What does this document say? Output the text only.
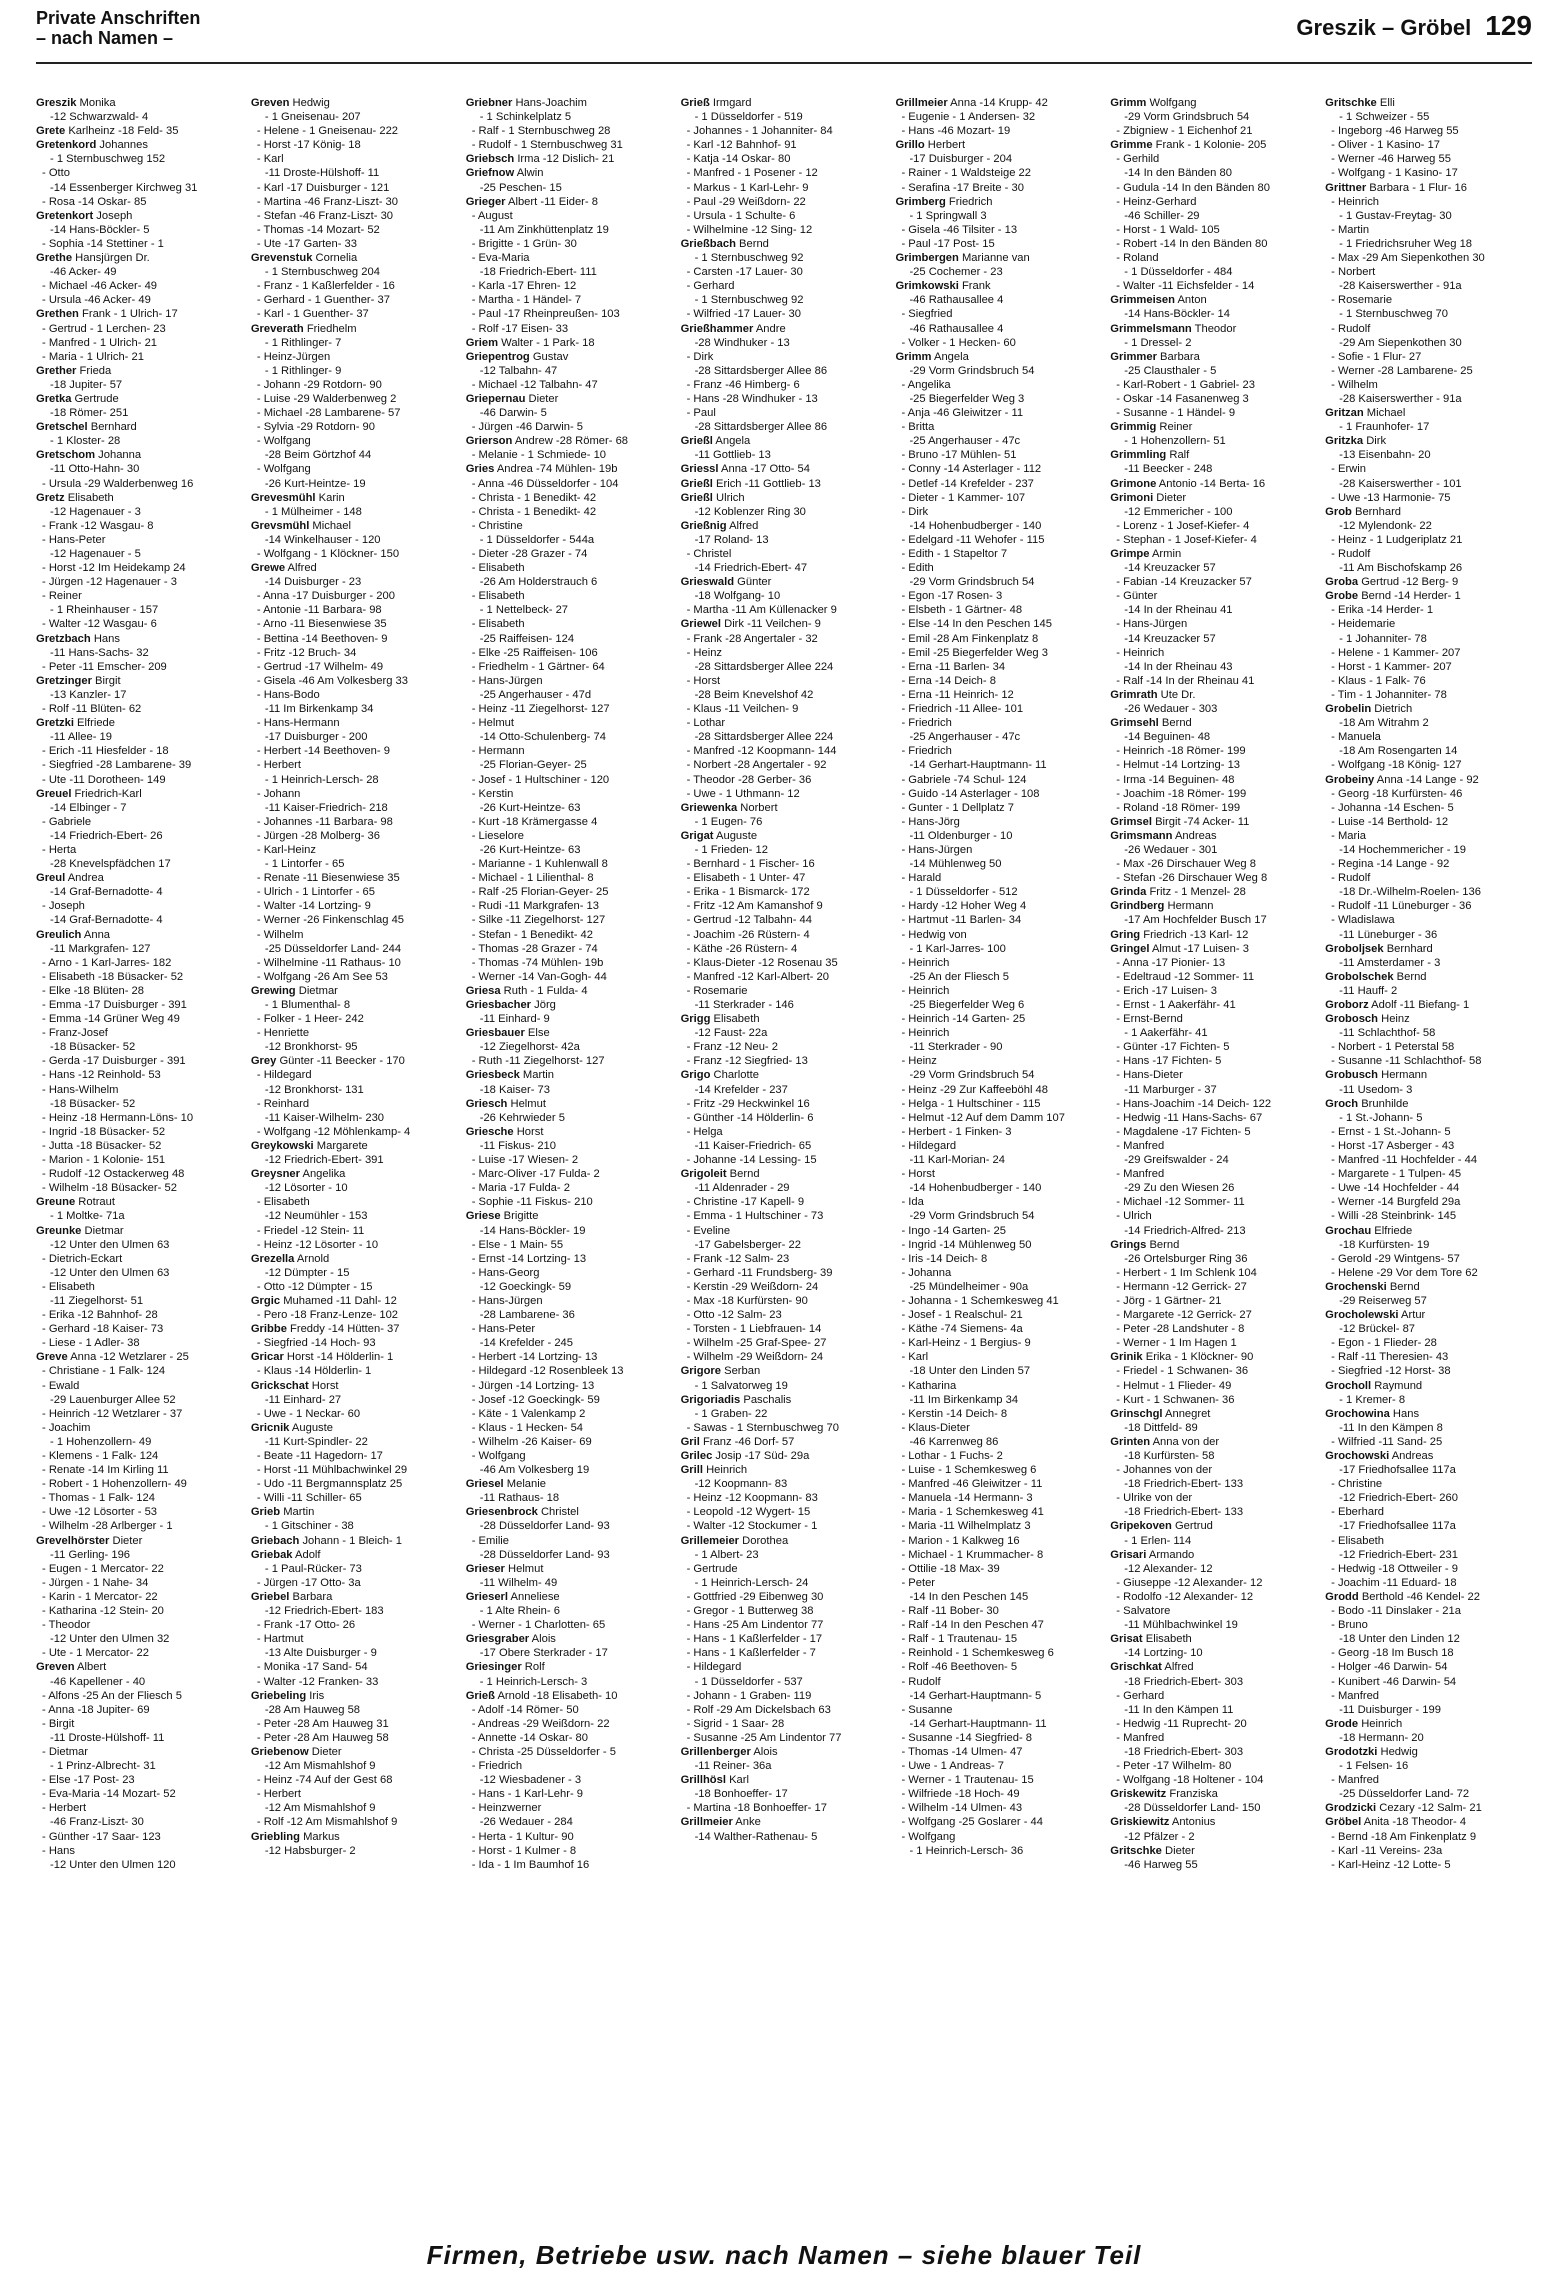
Private Anschriften
– nach Namen –	Greszik – Gröbel 129
Greszik Monika
-12 Schwarzwald- 4
Grete Karlheinz -18 Feld- 35
Gretenkord Johannes
- 1 Sternbuschweg 152
- Otto
-14 Essenberger Kirchweg 31
- Rosa -14 Oskar- 85
Gretenkort Joseph
-14 Hans-Böckler- 5
- Sophia -14 Stettiner - 1
Grethe Hansjürgen Dr.
-46 Acker- 49
- Michael -46 Acker- 49
- Ursula -46 Acker- 49
Grethen Frank - 1 Ulrich- 17
- Gertrud - 1 Lerchen- 23
- Manfred - 1 Ulrich- 21
- Maria - 1 Ulrich- 21
Grether Frieda
-18 Jupiter- 57
Gretka Gertrude
-18 Römer- 251
Gretschel Bernhard
- 1 Kloster- 28
Gretschom Johanna
-11 Otto-Hahn- 30
- Ursula -29 Walderbenweg 16
Gretz Elisabeth
-12 Hagenauer - 3
- Frank -12 Wasgau- 8
- Hans-Peter
-12 Hagenauer - 5
- Horst -12 Im Heidekamp 24
- Jürgen -12 Hagenauer - 3
- Reiner
- 1 Rheinhauser - 157
- Walter -12 Wasgau- 6
Gretzbach Hans
-11 Hans-Sachs- 32
- Peter -11 Emscher- 209
Gretzinger Birgit
-13 Kanzler- 17
- Rolf -11 Blüten- 62
Gretzki Elfriede
-11 Allee- 19
- Erich -11 Hiesfelder - 18
- Siegfried -28 Lambarene- 39
- Ute -11 Dorotheen- 149
Greuel Friedrich-Karl
-14 Elbinger - 7
- Gabriele
-14 Friedrich-Ebert- 26
- Herta
-28 Knevelspfädchen 17
Greul Andrea
-14 Graf-Bernadotte- 4
- Joseph
-14 Graf-Bernadotte- 4
Greulich Anna
-11 Markgrafen- 127
- Arno - 1 Karl-Jarres- 182
- Elisabeth -18 Büsacker- 52
- Elke -18 Blüten- 28
- Emma -17 Duisburger - 391
- Emma -14 Grüner Weg 49
- Franz-Josef
-18 Büsacker- 52
- Gerda -17 Duisburger - 391
- Hans -12 Reinhold- 53
- Hans-Wilhelm
-18 Büsacker- 52
- Heinz -18 Hermann-Löns- 10
- Ingrid -18 Büsacker- 52
- Jutta -18 Büsacker- 52
- Marion - 1 Kolonie- 151
- Rudolf -12 Ostackerweg 48
- Wilhelm -18 Büsacker- 52
Greune Rotraut
- 1 Moltke- 71a
Greunke Dietmar
-12 Unter den Ulmen 63
- Dietrich-Eckart
-12 Unter den Ulmen 63
- Elisabeth
-11 Ziegelhorst- 51
- Erika -12 Bahnhof- 28
- Gerhard -18 Kaiser- 73
- Liese - 1 Adler- 38
Greve Anna -12 Wetzlarer - 25
- Christiane - 1 Falk- 124
- Ewald
-29 Lauenburger Allee 52
- Heinrich -12 Wetzlarer - 37
- Joachim
- 1 Hohenzollern- 49
- Klemens - 1 Falk- 124
- Renate -14 Im Kirling 11
- Robert - 1 Hohenzollern- 49
- Thomas - 1 Falk- 124
- Uwe -12 Lösorter - 53
- Wilhelm -28 Arlberger - 1
Grevelhörster Dieter
-11 Gerling- 196
- Eugen - 1 Mercator- 22
- Jürgen - 1 Nahe- 34
- Karin - 1 Mercator- 22
- Katharina -12 Stein- 20
- Theodor
-12 Unter den Ulmen 32
- Ute - 1 Mercator- 22
Greven Albert
-46 Kapellener - 40
- Alfons -25 An der Fliesch 5
- Anna -18 Jupiter- 69
- Birgit
-11 Droste-Hülshoff- 11
- Dietmar
- 1 Prinz-Albrecht- 31
- Else -17 Post- 23
- Eva-Maria -14 Mozart- 52
- Herbert
-46 Franz-Liszt- 30
- Günther -17 Saar- 123
- Hans
-12 Unter den Ulmen 120
Greven Hedwig
- 1 Gneisenau- 207
- Helene - 1 Gneisenau- 222
- Horst -17 König- 18
- Karl
-11 Droste-Hülshoff- 11
- Karl -17 Duisburger - 121
- Martina -46 Franz-Liszt- 30
- Stefan -46 Franz-Liszt- 30
- Thomas -14 Mozart- 52
- Ute -17 Garten- 33
Grevenstuk Cornelia
- 1 Sternbuschweg 204
- Franz - 1 Kaßlerfelder - 16
- Gerhard - 1 Guenther- 37
- Karl - 1 Guenther- 37
Greverath Friedhelm
- 1 Rithlinger- 7
- Heinz-Jürgen
- 1 Rithlinger- 9
- Johann -29 Rotdorn- 90
- Luise -29 Walderbenweg 2
- Michael -28 Lambarene- 57
- Sylvia -29 Rotdorn- 90
- Wolfgang
-28 Beim Görtzhof 44
- Wolfgang
-26 Kurt-Heintze- 19
Grevesmühl Karin
- 1 Mülheimer - 148
Grevsmühl Michael
-14 Winkelhauser - 120
- Wolfgang - 1 Klöckner- 150
Grewe Alfred
-14 Duisburger - 23
- Anna -17 Duisburger - 200
- Antonie -11 Barbara- 98
- Arno -11 Biesenwiese 35
- Bettina -14 Beethoven- 9
- Fritz -12 Bruch- 34
- Gertrud -17 Wilhelm- 49
- Gisela -46 Am Volkesberg 33
- Hans-Bodo
-11 Im Birkenkamp 34
- Hans-Hermann
-17 Duisburger - 200
- Herbert -14 Beethoven- 9
- Herbert
- 1 Heinrich-Lersch- 28
- Johann
-11 Kaiser-Friedrich- 218
- Johannes -11 Barbara- 98
- Jürgen -28 Molberg- 36
- Karl-Heinz
- 1 Lintorfer - 65
- Renate -11 Biesenwiese 35
- Ulrich - 1 Lintorfer - 65
- Walter -14 Lortzing- 9
- Werner -26 Finkenschlag 45
- Wilhelm
-25 Düsseldorfer Land- 244
- Wilhelmine -11 Rathaus- 10
- Wolfgang -26 Am See 53
Grewing Dietmar
- 1 Blumenthal- 8
- Folker - 1 Heer- 242
- Henriette
-12 Bronkhorst- 95
Grey Günter -11 Beecker - 170
- Hildegard
-12 Bronkhorst- 131
- Reinhard
-11 Kaiser-Wilhelm- 230
- Wolfgang -12 Möhlenkamp- 4
Greykowski Margarete
-12 Friedrich-Ebert- 391
Greysner Angelika
-12 Lösorter - 10
- Elisabeth
-12 Neumühler - 153
- Friedel -12 Stein- 11
- Heinz -12 Lösorter - 10
Grezella Arnold
-12 Dümpter - 15
- Otto -12 Dümpter - 15
Grgic Muhamed -11 Dahl- 12
- Pero -18 Franz-Lenze- 102
Gribbe Freddy -14 Hütten- 37
- Siegfried -14 Hoch- 93
Gricar Horst -14 Hölderlin- 1
- Klaus -14 Hölderlin- 1
Grickschat Horst
-11 Einhard- 27
- Uwe - 1 Neckar- 60
Gricnik Auguste
-11 Kurt-Spindler- 22
- Beate -11 Hagedorn- 17
- Horst -11 Mühlbachwinkel 29
- Udo -11 Bergmannsplatz 25
- Willi -11 Schiller- 65
Grieb Martin
- 1 Gitschiner - 38
Griebach Johann - 1 Bleich- 1
Griebak Adolf
- 1 Paul-Rücker- 73
- Jürgen -17 Otto- 3a
Griebel Barbara
-12 Friedrich-Ebert- 183
- Frank -17 Otto- 26
- Hartmut
-13 Alte Duisburger - 9
- Monika -17 Sand- 54
- Walter -12 Franken- 33
Griebeling Iris
-28 Am Hauweg 58
- Peter -28 Am Hauweg 31
- Peter -28 Am Hauweg 58
Griebenow Dieter
-12 Am Mismahlshof 9
- Heinz -74 Auf der Gest 68
- Herbert
-12 Am Mismahlshof 9
- Rolf -12 Am Mismahlshof 9
Griebling Markus
-12 Habsburger- 2
Griebner Hans-Joachim
- 1 Schinkelplatz 5
- Ralf - 1 Sternbuschweg 28
- Rudolf - 1 Sternbuschweg 31
Griebsch Irma -12 Dislich- 21
Griefnow Alwin
-25 Peschen- 15
Grieger Albert -11 Eider- 8
- August
-11 Am Zinkhüttenplatz 19
- Brigitte - 1 Grün- 30
- Eva-Maria
-18 Friedrich-Ebert- 111
- Karla -17 Ehren- 12
- Martha - 1 Händel- 7
- Paul -17 Rheinpreußen- 103
- Rolf -17 Eisen- 33
Griem Walter - 1 Park- 18
Griepentrog Gustav
-12 Talbahn- 47
- Michael -12 Talbahn- 47
Griepernau Dieter
-46 Darwin- 5
- Jürgen -46 Darwin- 5
Grierson Andrew -28 Römer- 68
- Melanie - 1 Schmiede- 10
Gries Andrea -74 Mühlen- 19b
- Anna -46 Düsseldorfer - 104
- Christa - 1 Benedikt- 42
- Christa - 1 Benedikt- 42
- Christine
- 1 Düsseldorfer - 544a
- Dieter -28 Grazer - 74
- Elisabeth
-26 Am Holderstrauch 6
- Elisabeth
- 1 Nettelbeck- 27
- Elisabeth
-25 Raiffeisen- 124
- Elke -25 Raiffeisen- 106
- Friedhelm - 1 Gärtner- 64
- Hans-Jürgen
-25 Angerhauser - 47d
- Heinz -11 Ziegelhorst- 127
- Helmut
-14 Otto-Schulenberg- 74
- Hermann
-25 Florian-Geyer- 25
- Josef - 1 Hultschiner - 120
- Kerstin
-26 Kurt-Heintze- 63
- Kurt -18 Krämergasse 4
- Lieselore
-26 Kurt-Heintze- 63
- Marianne - 1 Kuhlenwall 8
- Michael - 1 Lilienthal- 8
- Ralf -25 Florian-Geyer- 25
- Rudi -11 Markgrafen- 13
- Silke -11 Ziegelhorst- 127
- Stefan - 1 Benedikt- 42
- Thomas -28 Grazer - 74
- Thomas -74 Mühlen- 19b
- Werner -14 Van-Gogh- 44
Griesa Ruth - 1 Fulda- 4
Griesbacher Jörg
-11 Einhard- 9
Griesbauer Else
-12 Ziegelhorst- 42a
- Ruth -11 Ziegelhorst- 127
Griesbeck Martin
-18 Kaiser- 73
Griesch Helmut
-26 Kehrwieder 5
Griesche Horst
-11 Fiskus- 210
- Luise -17 Wiesen- 2
- Marc-Oliver -17 Fulda- 2
- Maria -17 Fulda- 2
- Sophie -11 Fiskus- 210
Griese Brigitte
-14 Hans-Böckler- 19
- Else - 1 Main- 55
- Ernst -14 Lortzing- 13
- Hans-Georg
-12 Goeckingk- 59
- Hans-Jürgen
-28 Lambarene- 36
- Hans-Peter
-14 Krefelder - 245
- Herbert -14 Lortzing- 13
- Hildegard -12 Rosenbleek 13
- Jürgen -14 Lortzing- 13
- Josef -12 Goeckingk- 59
- Käte - 1 Valenkamp 2
- Klaus - 1 Hecken- 54
- Wilhelm -26 Kaiser- 69
- Wolfgang
-46 Am Volkesberg 19
Griesel Melanie
-11 Rathaus- 18
Griesenbrock Christel
-28 Düsseldorfer Land- 93
- Emilie
-28 Düsseldorfer Land- 93
Grieser Helmut
-11 Wilhelm- 49
Grieserl Anneliese
- 1 Alte Rhein- 6
- Werner - 1 Charlotten- 65
Griesgraber Alois
-17 Obere Sterkrader - 17
Griesinger Rolf
- 1 Heinrich-Lersch- 3
Grieß Arnold -18 Elisabeth- 10
- Adolf -14 Römer- 50
- Andreas -29 Weißdorn- 22
- Annette -14 Oskar- 80
- Christa -25 Düsseldorfer - 5
- Friedrich
-12 Wiesbadener - 3
- Hans - 1 Karl-Lehr- 9
- Heinzwerner
-26 Wedauer - 284
- Herta - 1 Kultur- 90
- Horst - 1 Kulmer - 8
- Ida - 1 Im Baumhof 16
Grieß Irmgard
- 1 Düsseldorfer - 519
- Johannes - 1 Johanniter- 84
- Karl -12 Bahnhof- 91
- Katja -14 Oskar- 80
- Manfred - 1 Posener - 12
- Markus - 1 Karl-Lehr- 9
- Paul -29 Weißdorn- 22
- Ursula - 1 Schulte- 6
- Wilhelmine -12 Sing- 12
Grießbach Bernd
- 1 Sternbuschweg 92
- Carsten -17 Lauer- 30
- Gerhard
- 1 Sternbuschweg 92
- Wilfried -17 Lauer- 30
Grießhammer Andre
-28 Windhuker - 13
- Dirk
-28 Sittardsberger Allee 86
- Franz -46 Himberg- 6
- Hans -28 Windhuker - 13
- Paul
-28 Sittardsberger Allee 86
Grießl Angela
-11 Gottlieb- 13
Griessl Anna -17 Otto- 54
Grießl Erich -11 Gottlieb- 13
Grießl Ulrich
-12 Koblenzer Ring 30
Grießnig Alfred
-17 Roland- 13
- Christel
-14 Friedrich-Ebert- 47
Grieswald Günter
-18 Wolfgang- 10
- Martha -11 Am Küllenacker 9
Griewel Dirk -11 Veilchen- 9
- Frank -28 Angertaler - 32
- Heinz
-28 Sittardsberger Allee 224
- Horst
-28 Beim Knevelshof 42
- Klaus -11 Veilchen- 9
- Lothar
-28 Sittardsberger Allee 224
- Manfred -12 Koopmann- 144
- Norbert -28 Angertaler - 92
- Theodor -28 Gerber- 36
- Uwe - 1 Uthmann- 12
Griewenka Norbert
- 1 Eugen- 76
Grigat Auguste
- 1 Frieden- 12
- Bernhard - 1 Fischer- 16
- Elisabeth - 1 Unter- 47
- Erika - 1 Bismarck- 172
- Fritz -12 Am Kamanshof 9
- Gertrud -12 Talbahn- 44
- Joachim -26 Rüstern- 4
- Käthe -26 Rüstern- 4
- Klaus-Dieter -12 Rosenau 35
- Manfred -12 Karl-Albert- 20
- Rosemarie
-11 Sterkrader - 146
Grigg Elisabeth
-12 Faust- 22a
- Franz -12 Neu- 2
- Franz -12 Siegfried- 13
Grigo Charlotte
-14 Krefelder - 237
- Fritz -29 Heckwinkel 16
- Günther -14 Hölderlin- 6
- Helga
-11 Kaiser-Friedrich- 65
- Johanne -14 Lessing- 15
Grigoleit Bernd
-11 Aldenrader - 29
- Christine -17 Kapell- 9
- Emma - 1 Hultschiner - 73
- Eveline
-17 Gabelsberger- 22
- Frank -12 Salm- 23
- Gerhard -11 Frundsberg- 39
- Kerstin -29 Weißdorn- 24
- Max -18 Kurfürsten- 90
- Otto -12 Salm- 23
- Torsten - 1 Liebfrauen- 14
- Wilhelm -25 Graf-Spee- 27
- Wilhelm -29 Weißdorn- 24
Grigore Serban
- 1 Salvatorweg 19
Grigoriadis Paschalis
- 1 Graben- 22
- Sawas - 1 Sternbuschweg 70
Gril Franz -46 Dorf- 57
Grilec Josip -17 Süd- 29a
Grill Heinrich
-12 Koopmann- 83
- Heinz -12 Koopmann- 83
- Leopold -12 Wygert- 15
- Walter -12 Stockumer - 1
Grillemeier Dorothea
- 1 Albert- 23
- Gertrude
- 1 Heinrich-Lersch- 24
- Gottfried -29 Eibenweg 30
- Gregor - 1 Butterweg 38
- Hans -25 Am Lindentor 77
- Hans - 1 Kaßlerfelder - 17
- Hans - 1 Kaßlerfelder - 7
- Hildegard
- 1 Düsseldorfer - 537
- Johann - 1 Graben- 119
- Rolf -29 Am Dickelsbach 63
- Sigrid - 1 Saar- 28
- Susanne -25 Am Lindentor 77
Grillenberger Alois
-11 Reiner- 36a
Grillhösl Karl
-18 Bonhoeffer- 17
- Martina -18 Bonhoeffer- 17
Grillmeier Anke
-14 Walther-Rathenau- 5
Grillmeier Anna -14 Krupp- 42
- Eugenie - 1 Andersen- 32
- Hans -46 Mozart- 19
Grillo Herbert
-17 Duisburger - 204
- Rainer - 1 Waldsteige 22
- Serafina -17 Breite - 30
Grimberg Friedrich
- 1 Springwall 3
- Gisela -46 Tilsiter - 13
- Paul -17 Post- 15
Grimbergen Marianne van
-25 Cochemer - 23
Grimkowski Frank
-46 Rathausallee 4
- Siegfried
-46 Rathausallee 4
- Volker - 1 Hecken- 60
Grimm Angela
-29 Vorm Grindsbruch 54
- Angelika
-25 Biegerfelder Weg 3
- Anja -46 Gleiwitzer - 11
- Britta
-25 Angerhauser - 47c
- Bruno -17 Mühlen- 51
- Conny -14 Asterlager - 112
- Detlef -14 Krefelder - 237
- Dieter - 1 Kammer- 107
- Dirk
-14 Hohenbudberger - 140
- Edelgard -11 Wehofer - 115
- Edith - 1 Stapeltor 7
- Edith
-29 Vorm Grindsbruch 54
- Egon -17 Rosen- 3
- Elsbeth - 1 Gärtner- 48
- Else -14 In den Peschen 145
- Emil -28 Am Finkenplatz 8
- Emil -25 Biegerfelder Weg 3
- Erna -11 Barlen- 34
- Erna -14 Deich- 8
- Erna -11 Heinrich- 12
- Friedrich -11 Allee- 101
- Friedrich
-25 Angerhauser - 47c
- Friedrich
-14 Gerhart-Hauptmann- 11
- Gabriele -74 Schul- 124
- Guido -14 Asterlager - 108
- Gunter - 1 Dellplatz 7
- Hans-Jörg
-11 Oldenburger - 10
- Hans-Jürgen
-14 Mühlenweg 50
- Harald
- 1 Düsseldorfer - 512
- Hardy -12 Hoher Weg 4
- Hartmut -11 Barlen- 34
- Hedwig von
- 1 Karl-Jarres- 100
- Heinrich
-25 An der Fliesch 5
- Heinrich
-25 Biegerfelder Weg 6
- Heinrich -14 Garten- 25
- Heinrich
-11 Sterkrader - 90
- Heinz
-29 Vorm Grindsbruch 54
- Heinz -29 Zur Kaffeeböhl 48
- Helga - 1 Hultschiner - 115
- Helmut -12 Auf dem Damm 107
- Herbert - 1 Finken- 3
- Hildegard
-11 Karl-Morian- 24
- Horst
-14 Hohenbudberger - 140
- Ida
-29 Vorm Grindsbruch 54
- Ingo -14 Garten- 25
- Ingrid -14 Mühlenweg 50
- Iris -14 Deich- 8
- Johanna
-25 Mündelheimer - 90a
- Johanna - 1 Schemkesweg 41
- Josef - 1 Realschul- 21
- Käthe -74 Siemens- 4a
- Karl-Heinz - 1 Bergius- 9
- Karl
-18 Unter den Linden 57
- Katharina
-11 Im Birkenkamp 34
- Kerstin -14 Deich- 8
- Klaus-Dieter
-46 Karrenweg 86
- Lothar - 1 Fuchs- 2
- Luise - 1 Schemkesweg 6
- Manfred -46 Gleiwitzer - 11
- Manuela -14 Hermann- 3
- Maria - 1 Schemkesweg 41
- Maria -11 Wilhelmplatz 3
- Marion - 1 Kalkweg 16
- Michael - 1 Krummacher- 8
- Ottilie -18 Max- 39
- Peter
-14 In den Peschen 145
- Ralf -11 Bober- 30
- Ralf -14 In den Peschen 47
- Ralf - 1 Trautenau- 15
- Reinhold - 1 Schemkesweg 6
- Rolf -46 Beethoven- 5
- Rudolf
-14 Gerhart-Hauptmann- 5
- Susanne
-14 Gerhart-Hauptmann- 11
- Susanne -14 Siegfried- 8
- Thomas -14 Ulmen- 47
- Uwe - 1 Andreas- 7
- Werner - 1 Trautenau- 15
- Wilfriede -18 Hoch- 49
- Wilhelm -14 Ulmen- 43
- Wolfgang -25 Goslarer - 44
- Wolfgang
- 1 Heinrich-Lersch- 36
Grimm Wolfgang
-29 Vorm Grindsbruch 54
- Zbigniew - 1 Eichenhof 21
Grimme Frank - 1 Kolonie- 205
- Gerhild
-14 In den Bänden 80
- Gudula -14 In den Bänden 80
- Heinz-Gerhard
-46 Schiller- 29
- Horst - 1 Wald- 105
- Robert -14 In den Bänden 80
- Roland
- 1 Düsseldorfer - 484
- Walter -11 Eichsfelder - 14
Grimmeisen Anton
-14 Hans-Böckler- 14
Grimmelsmann Theodor
- 1 Dressel- 2
Grimmer Barbara
-25 Clausthaler - 5
- Karl-Robert - 1 Gabriel- 23
- Oskar -14 Fasanenweg 3
- Susanne - 1 Händel- 9
Grimmig Reiner
- 1 Hohenzollern- 51
Grimmling Ralf
-11 Beecker - 248
Grimone Antonio -14 Berta- 16
Grimoni Dieter
-12 Emmericher - 100
- Lorenz - 1 Josef-Kiefer- 4
- Stephan - 1 Josef-Kiefer- 4
Grimpe Armin
-14 Kreuzacker 57
- Fabian -14 Kreuzacker 57
- Günter
-14 In der Rheinau 41
- Hans-Jürgen
-14 Kreuzacker 57
- Heinrich
-14 In der Rheinau 43
- Ralf -14 In der Rheinau 41
Grimrath Ute Dr.
-26 Wedauer - 303
Grimsehl Bernd
-14 Beguinen- 48
- Heinrich -18 Römer- 199
- Helmut -14 Lortzing- 13
- Irma -14 Beguinen- 48
- Joachim -18 Römer- 199
- Roland -18 Römer- 199
Grimsel Birgit -74 Acker- 11
Grimsmann Andreas
-26 Wedauer - 301
- Max -26 Dirschauer Weg 8
- Stefan -26 Dirschauer Weg 8
Grinda Fritz - 1 Menzel- 28
Grindberg Hermann
-17 Am Hochfelder Busch 17
Gring Friedrich -13 Karl- 12
Gringel Almut -17 Luisen- 3
- Anna -17 Pionier- 13
- Edeltraud -12 Sommer- 11
- Erich -17 Luisen- 3
- Ernst - 1 Aakerfähr- 41
- Ernst-Bernd
- 1 Aakerfähr- 41
- Günter -17 Fichten- 5
- Hans -17 Fichten- 5
- Hans-Dieter
-11 Marburger - 37
- Hans-Joachim -14 Deich- 122
- Hedwig -11 Hans-Sachs- 67
- Magdalene -17 Fichten- 5
- Manfred
-29 Greifswalder - 24
- Manfred
-29 Zu den Wiesen 26
- Michael -12 Sommer- 11
- Ulrich
-14 Friedrich-Alfred- 213
Grings Bernd
-26 Ortelsburger Ring 36
- Herbert - 1 Im Schlenk 104
- Hermann -12 Gerrick- 27
- Jörg - 1 Gärtner- 21
- Margarete -12 Gerrick- 27
- Peter -28 Landshuter - 8
- Werner - 1 Im Hagen 1
Grinik Erika - 1 Klöckner- 90
- Friedel - 1 Schwanen- 36
- Helmut - 1 Flieder- 49
- Kurt - 1 Schwanen- 36
Grinschgl Annegret
-18 Dittfeld- 89
Grinten Anna von der
-18 Kurfürsten- 58
- Johannes von der
-18 Friedrich-Ebert- 133
- Ulrike von der
-18 Friedrich-Ebert- 133
Gripekoven Gertrud
- 1 Erlen- 114
Grisari Armando
-12 Alexander- 12
- Giuseppe -12 Alexander- 12
- Rodolfo -12 Alexander- 12
- Salvatore
-11 Mühlbachwinkel 19
Grisat Elisabeth
-14 Lortzing- 10
Grischkat Alfred
-18 Friedrich-Ebert- 303
- Gerhard
-11 In den Kämpen 11
- Hedwig -11 Ruprecht- 20
- Manfred
-18 Friedrich-Ebert- 303
- Peter -17 Wilhelm- 80
- Wolfgang -18 Holtener - 104
Griskewitz Franziska
-28 Düsseldorfer Land- 150
Griskiewitz Antonius
-12 Pfälzer - 2
Gritschke Dieter
-46 Harweg 55
Gritschke Elli
- 1 Schweizer - 55
- Ingeborg -46 Harweg 55
- Oliver - 1 Kasino- 17
- Werner -46 Harweg 55
- Wolfgang - 1 Kasino- 17
Grittner Barbara - 1 Flur- 16
- Heinrich
- 1 Gustav-Freytag- 30
- Martin
- 1 Friedrichsruher Weg 18
- Max -29 Am Siepenkothen 30
- Norbert
-28 Kaiserswerther - 91a
- Rosemarie
- 1 Sternbuschweg 70
- Rudolf
-29 Am Siepenkothen 30
- Sofie - 1 Flur- 27
- Werner -28 Lambarene- 25
- Wilhelm
-28 Kaiserswerther - 91a
Gritzan Michael
- 1 Fraunhofer- 17
Gritzka Dirk
-13 Eisenbahn- 20
- Erwin
-28 Kaiserswerther - 101
- Uwe -13 Harmonie- 75
Grob Bernhard
-12 Mylendonk- 22
- Heinz - 1 Ludgeriplatz 21
- Rudolf
-11 Am Bischofskamp 26
Groba Gertrud -12 Berg- 9
Grobe Bernd -14 Herder- 1
- Erika -14 Herder- 1
- Heidemarie
- 1 Johanniter- 78
- Helene - 1 Kammer- 207
- Horst - 1 Kammer- 207
- Klaus - 1 Falk- 76
- Tim - 1 Johanniter- 78
Grobelin Dietrich
-18 Am Witrahm 2
- Manuela
-18 Am Rosengarten 14
- Wolfgang -18 König- 127
Grobeiny Anna -14 Lange - 92
- Georg -18 Kurfürsten- 46
- Johanna -14 Eschen- 5
- Luise -14 Berthold- 12
- Maria
-14 Hochemmericher - 19
- Regina -14 Lange - 92
- Rudolf
-18 Dr.-Wilhelm-Roelen- 136
- Rudolf -11 Lüneburger - 36
- Wladislawa
-11 Lüneburger - 36
Groboljsek Bernhard
-11 Amsterdamer - 3
Grobolschek Bernd
-11 Hauff- 2
Groborz Adolf -11 Biefang- 1
Grobosch Heinz
-11 Schlachthof- 58
- Norbert - 1 Peterstal 58
- Susanne -11 Schlachthof- 58
Grobusch Hermann
-11 Usedom- 3
Groch Brunhilde
- 1 St.-Johann- 5
- Ernst - 1 St.-Johann- 5
- Horst -17 Asberger - 43
- Manfred -11 Hochfelder - 44
- Margarete - 1 Tulpen- 45
- Uwe -14 Hochfelder - 44
- Werner -14 Burgfeld 29a
- Willi -28 Steinbrink- 145
Grochau Elfriede
-18 Kurfürsten- 19
- Gerold -29 Wintgens- 57
- Helene -29 Vor dem Tore 62
Grochenski Bernd
-29 Reiserweg 57
Grocholewski Artur
-12 Brückel- 87
- Egon - 1 Flieder- 28
- Ralf -11 Theresien- 43
- Siegfried -12 Horst- 38
Grocholl Raymund
- 1 Kremer- 8
Grochowina Hans
-11 In den Kämpen 8
- Wilfried -11 Sand- 25
Grochowski Andreas
-17 Friedhofsallee 117a
- Christine
-12 Friedrich-Ebert- 260
- Eberhard
-17 Friedhofsallee 117a
- Elisabeth
-12 Friedrich-Ebert- 231
- Hedwig -18 Ottweiler - 9
- Joachim -11 Eduard- 18
Grodd Berthold -46 Kendel- 22
- Bodo -11 Dinslaker - 21a
- Bruno
-18 Unter den Linden 12
- Georg -18 Im Busch 18
- Holger -46 Darwin- 54
- Kunibert -46 Darwin- 54
- Manfred
-11 Duisburger - 199
Grode Heinrich
-18 Hermann- 20
Grodotzki Hedwig
- 1 Felsen- 16
- Manfred
-25 Düsseldorfer Land- 72
Grodzicki Cezary -12 Salm- 21
Gröbel Anita -18 Theodor- 4
- Bernd -18 Am Finkenplatz 9
- Karl -11 Vereins- 23a
- Karl-Heinz -12 Lotte- 5
Firmen, Betriebe usw. nach Namen – siehe blauer Teil
